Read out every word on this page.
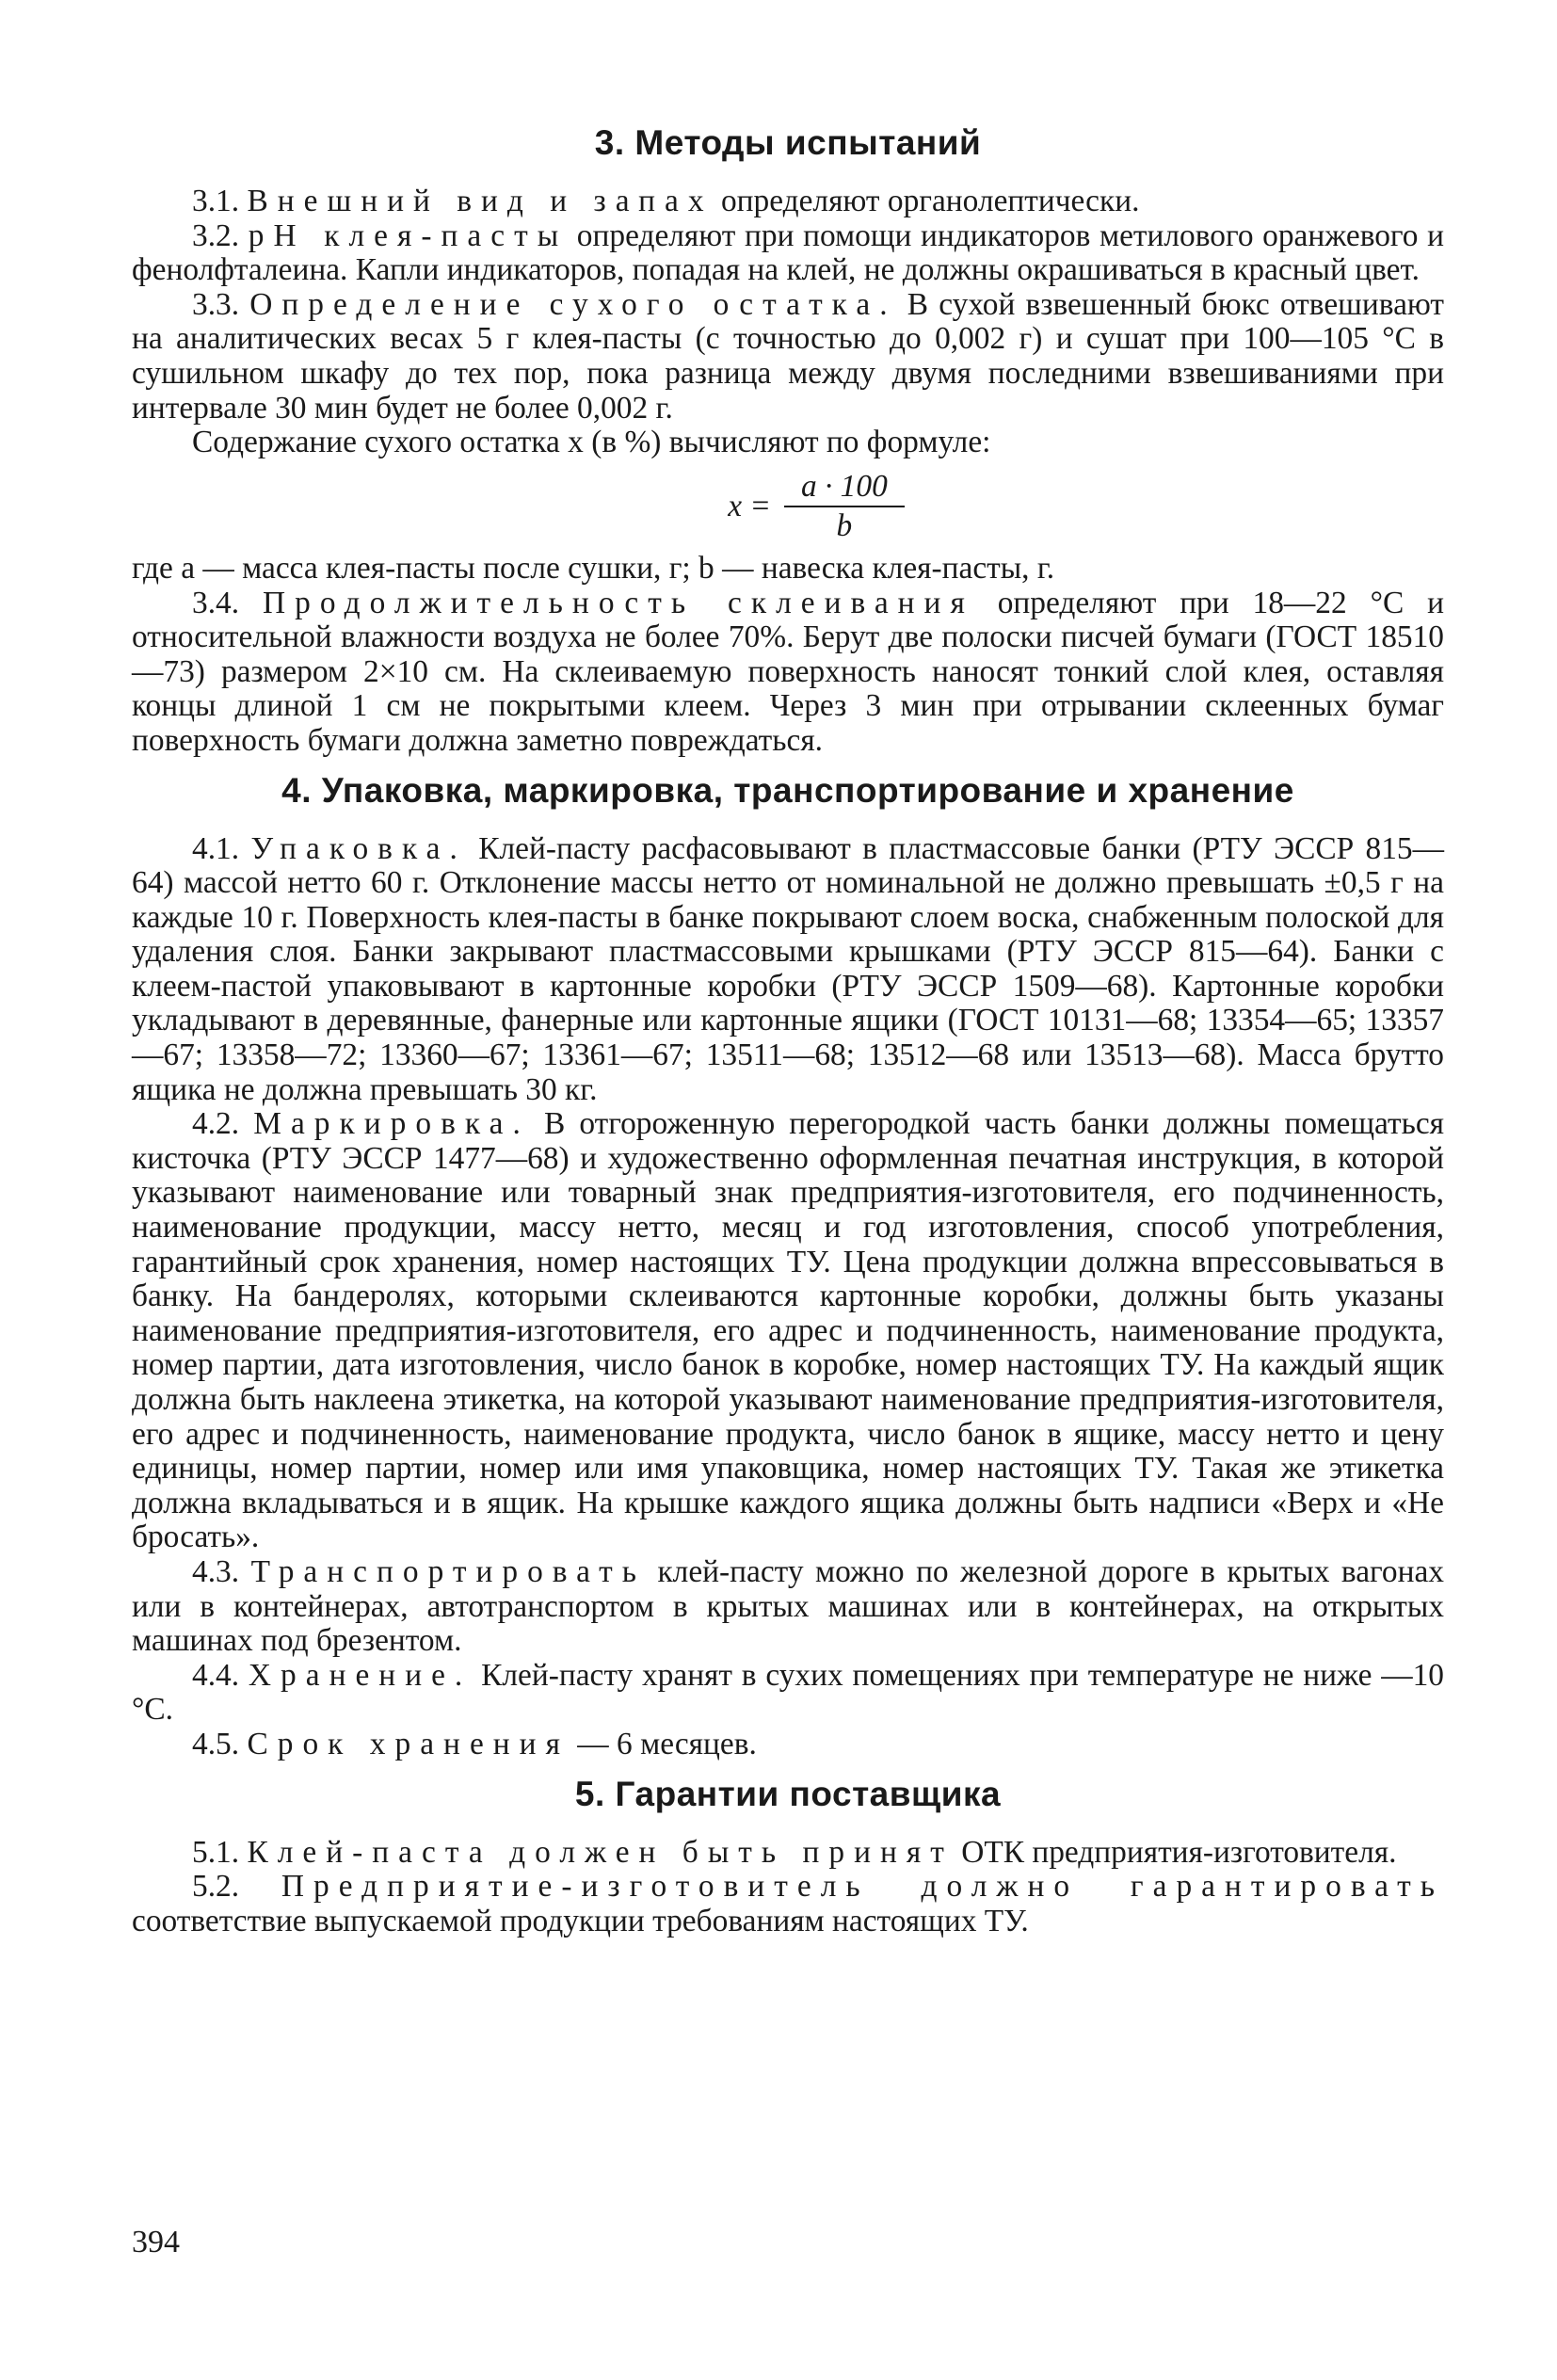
3. Методы испытаний

3.1. Внешний вид и запах определяют органолептически.

3.2. рН клея-пасты определяют при помощи индикаторов метилового оранжевого и фенолфталеина. Капли индикаторов, попадая на клей, не должны окрашиваться в красный цвет.

3.3. Определение сухого остатка. В сухой взвешенный бюкс отвешивают на аналитических весах 5 г клея-пасты (с точностью до 0,002 г) и сушат при 100—105 °С в сушильном шкафу до тех пор, пока разница между двумя последними взвешиваниями при интервале 30 мин будет не более 0,002 г.

Содержание сухого остатка x (в %) вычисляют по формуле:

$x = \frac{a \cdot 100}{b}$

где a — масса клея-пасты после сушки, г; b — навеска клея-пасты, г.

3.4. Продолжительность склеивания определяют при 18—22 °С и относительной влажности воздуха не более 70%. Берут две полоски писчей бумаги (ГОСТ 18510—73) размером 2×10 см. На склеиваемую поверхность наносят тонкий слой клея, оставляя концы длиной 1 см не покрытыми клеем. Через 3 мин при отрывании склеенных бумаг поверхность бумаги должна заметно повреждаться.

4. Упаковка, маркировка, транспортирование и хранение

4.1. Упаковка. Клей-пасту расфасовывают в пластмассовые банки (РТУ ЭССР 815—64) массой нетто 60 г. Отклонение массы нетто от номинальной не должно превышать ±0,5 г на каждые 10 г. Поверхность клея-пасты в банке покрывают слоем воска, снабженным полоской для удаления слоя. Банки закрывают пластмассовыми крышками (РТУ ЭССР 815—64). Банки с клеем-пастой упаковывают в картонные коробки (РТУ ЭССР 1509—68). Картонные коробки укладывают в деревянные, фанерные или картонные ящики (ГОСТ 10131—68; 13354—65; 13357—67; 13358—72; 13360—67; 13361—67; 13511—68; 13512—68 или 13513—68). Масса брутто ящика не должна превышать 30 кг.

4.2. Маркировка. В отгороженную перегородкой часть банки должны помещаться кисточка (РТУ ЭССР 1477—68) и художественно оформленная печатная инструкция, в которой указывают наименование или товарный знак предприятия-изготовителя, его подчиненность, наименование продукции, массу нетто, месяц и год изготовления, способ употребления, гарантийный срок хранения, номер настоящих ТУ. Цена продукции должна впрессовываться в банку. На бандеролях, которыми склеиваются картонные коробки, должны быть указаны наименование предприятия-изготовителя, его адрес и подчиненность, наименование продукта, номер партии, дата изготовления, число банок в коробке, номер настоящих ТУ. На каждый ящик должна быть наклеена этикетка, на которой указывают наименование предприятия-изготовителя, его адрес и подчиненность, наименование продукта, число банок в ящике, массу нетто и цену единицы, номер партии, номер или имя упаковщика, номер настоящих ТУ. Такая же этикетка должна вкладываться и в ящик. На крышке каждого ящика должны быть надписи «Верх и «Не бросать».

4.3. Транспортировать клей-пасту можно по железной дороге в крытых вагонах или в контейнерах, автотранспортом в крытых машинах или в контейнерах, на открытых машинах под брезентом.

4.4. Хранение. Клей-пасту хранят в сухих помещениях при температуре не ниже —10 °С.

4.5. Срок хранения — 6 месяцев.

5. Гарантии поставщика

5.1. Клей-паста должен быть принят ОТК предприятия-изготовителя.

5.2. Предприятие-изготовитель должно гарантировать соответствие выпускаемой продукции требованиям настоящих ТУ.

394
